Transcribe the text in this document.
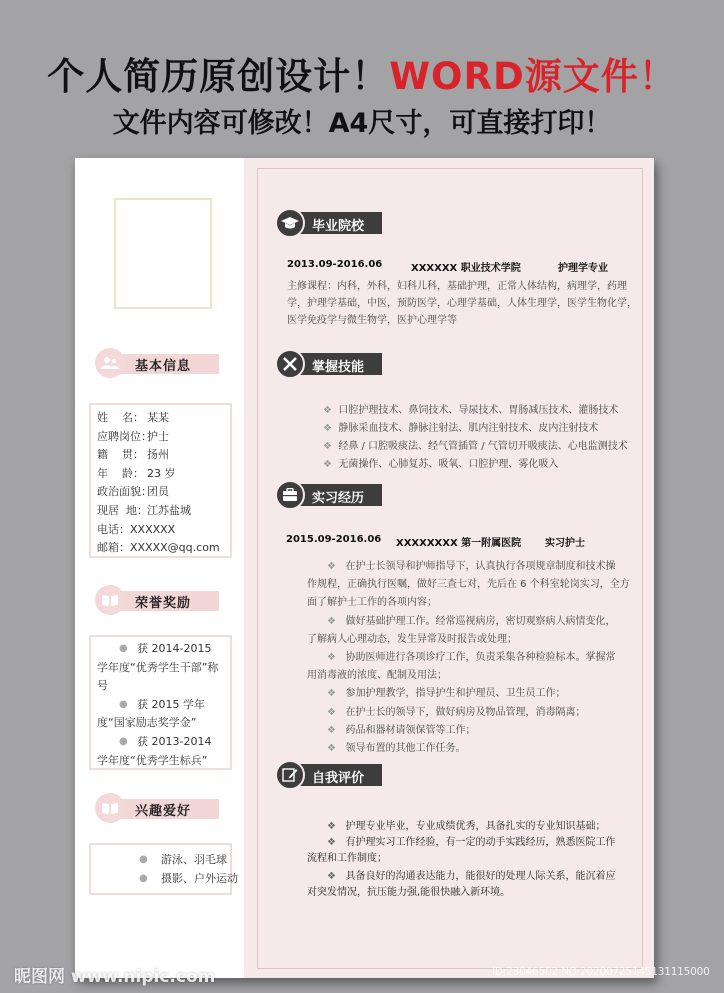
个人简历原创设计！WORD源文件！
文件内容可修改！A4尺寸，可直接打印！
基本信息
姓    名： 某某
应聘岗位：护士
籍    贯： 扬州
年    龄： 23 岁
政治面貌：团员
现居  地：江苏盐城
电话：XXXXXX
邮箱：XXXXX@qq.com
荣誉奖励
● 获 2014-2015
学年度“优秀学生干部”称号
● 获 2015 学年
度“国家励志奖学金”
● 获 2013-2014
学年度“优秀学生标兵”
兴趣爱好
● 游泳、羽毛球
● 摄影、户外运动
毕业院校
2013.09-2016.06	XXXXXX 职业技术学院	护理学专业
掌握技能
实习经历
2015.09-2016.06 XXXXXXXX 第一附属医院 实习护士
自我评价
主修课程：内科，外科，妇科儿科，基础护理，正常人体结构，病理学，药理
学，护理学基础，中医，预防医学，心理学基础，人体生理学，医学生物化学，
医学免疫学与微生物学，医护心理学等
❖  口腔护理技术、鼻饲技术、导尿技术、胃肠减压技术、灌肠技术
❖  静脉采血技术、静脉注射法、肌内注射技术、皮内注射技术
❖  经鼻 / 口腔吸痰法、经气管插管 / 气管切开吸痰法、心电监测技术
❖  无菌操作、心肺复苏、吸氧、口腔护理、雾化吸入
❖   在护士长领导和护师指导下，认真执行各项规章制度和技术操
作规程，正确执行医嘱，做好三查七对，先后在 6 个科室轮岗实习，全方
面了解护士工作的各项内容；
❖   做好基础护理工作。经常巡视病房，密切观察病人病情变化，
了解病人心理动态，发生异常及时报告或处理；
❖   协助医师进行各项诊疗工作，负责采集各种检验标本。掌握常
用消毒液的浓度、配制及用法；
❖   参加护理教学，指导护生和护理员、卫生员工作；
❖   在护士长的领导下，做好病房及物品管理，消毒隔离；
❖   药品和器材请领保管等工作；
❖   领导布置的其他工作任务。
❖   护理专业毕业，专业成绩优秀，具备扎实的专业知识基础；
❖   有护理实习工作经验，有一定的动手实践经历，熟悉医院工作
流程和工作制度；
❖   具备良好的沟通表达能力，能很好的处理人际关系，能沉着应
对突发情况，抗压能力强,能很快融入新环境。
昵图网 www.nipic.com	ID:23046502 NO:20200725145131115000
